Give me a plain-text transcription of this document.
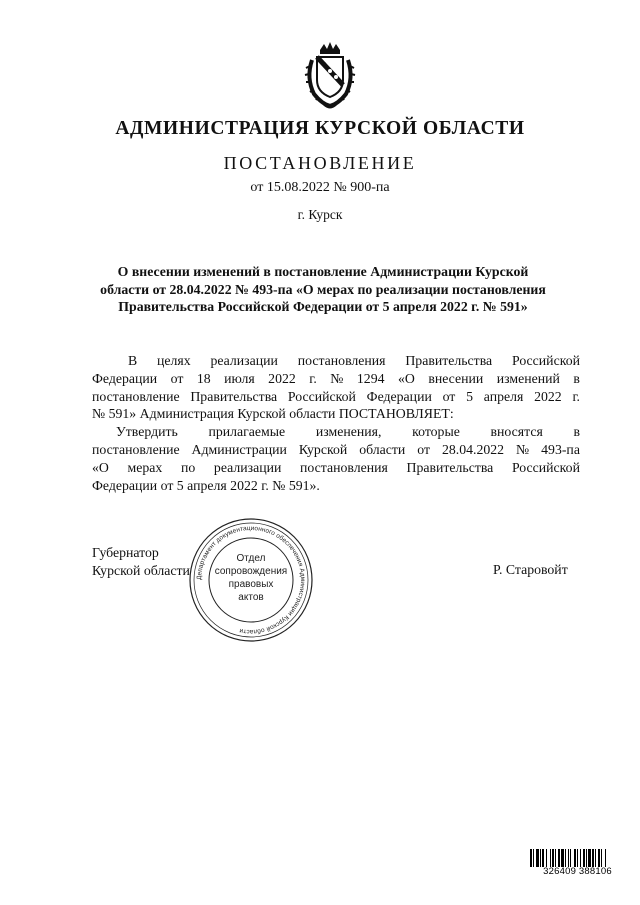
АДМИНИСТРАЦИЯ КУРСКОЙ ОБЛАСТИ
ПОСТАНОВЛЕНИЕ
от 15.08.2022 № 900-па
г. Курск
О внесении изменений в постановление Администрации Курской
области от 28.04.2022 № 493-па «О мерах по реализации постановления
Правительства Российской Федерации от 5 апреля 2022 г. № 591»
В целях реализации постановления Правительства Российской
Федерации от 18 июля 2022 г. № 1294 «О внесении изменений в
постановление Правительства Российской Федерации от 5 апреля 2022 г.
№ 591» Администрация Курской области ПОСТАНОВЛЯЕТ:
Утвердить прилагаемые изменения, которые вносятся в
постановление Администрации Курской области от 28.04.2022 № 493-па
«О мерах по реализации постановления Правительства Российской
Федерации от 5 апреля 2022 г. № 591».
Губернатор
Курской области
Департамент документационного обеспечения Администрации Курской области
Отдел
сопровождения
правовых
актов
Р. Старовойт
326409 388106
